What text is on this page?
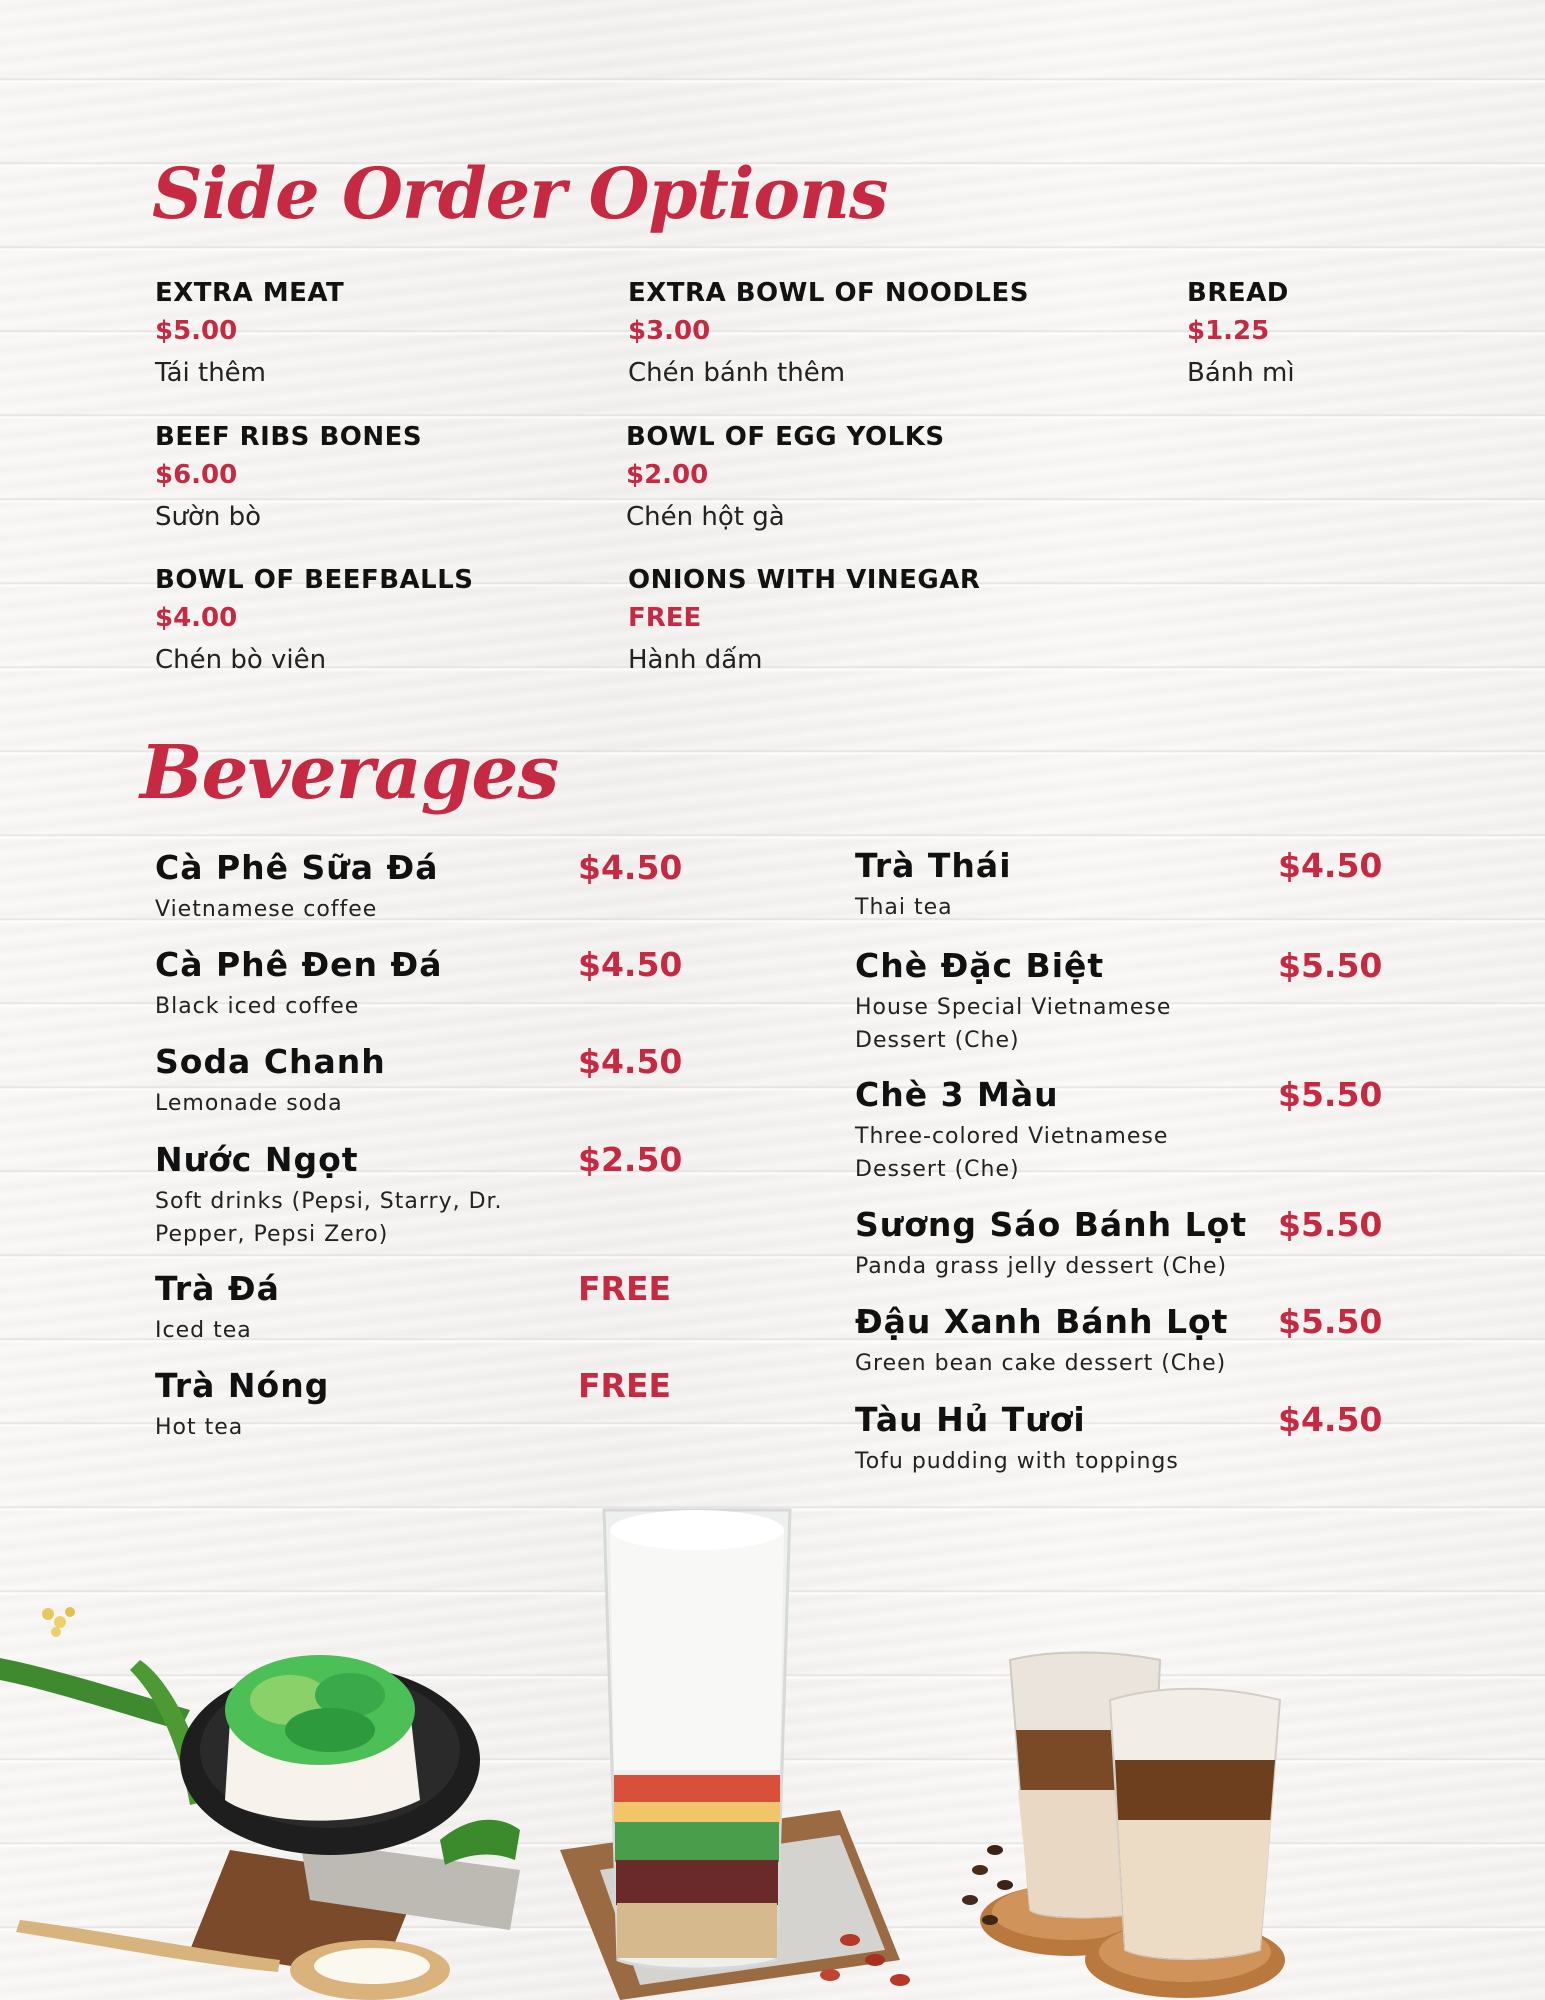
Side Order Options
EXTRA MEAT
$5.00
Tái thêm
EXTRA BOWL OF NOODLES
$3.00
Chén bánh thêm
BREAD
$1.25
Bánh mì
BEEF RIBS BONES
$6.00
Sườn bò
BOWL OF EGG YOLKS
$2.00
Chén hột gà
BOWL OF BEEFBALLS
$4.00
Chén bò viên
ONIONS WITH VINEGAR
FREE
Hành dấm
Beverages
Cà Phê Sữa Đá	$4.50
Vietnamese coffee
Cà Phê Đen Đá	$4.50
Black iced coffee
Soda Chanh	$4.50
Lemonade soda
Nước Ngọt	$2.50
Soft drinks (Pepsi, Starry, Dr. Pepper, Pepsi Zero)
Trà Đá	FREE
Iced tea
Trà Nóng	FREE
Hot tea
Trà Thái	$4.50
Thai tea
Chè Đặc Biệt	$5.50
House Special Vietnamese Dessert (Che)
Chè 3 Màu	$5.50
Three-colored Vietnamese Dessert (Che)
Sương Sáo Bánh Lọt $5.50
Panda grass jelly dessert (Che)
Đậu Xanh Bánh Lọt	$5.50
Green bean cake dessert (Che)
Tàu Hủ Tươi	$4.50
Tofu pudding with toppings
